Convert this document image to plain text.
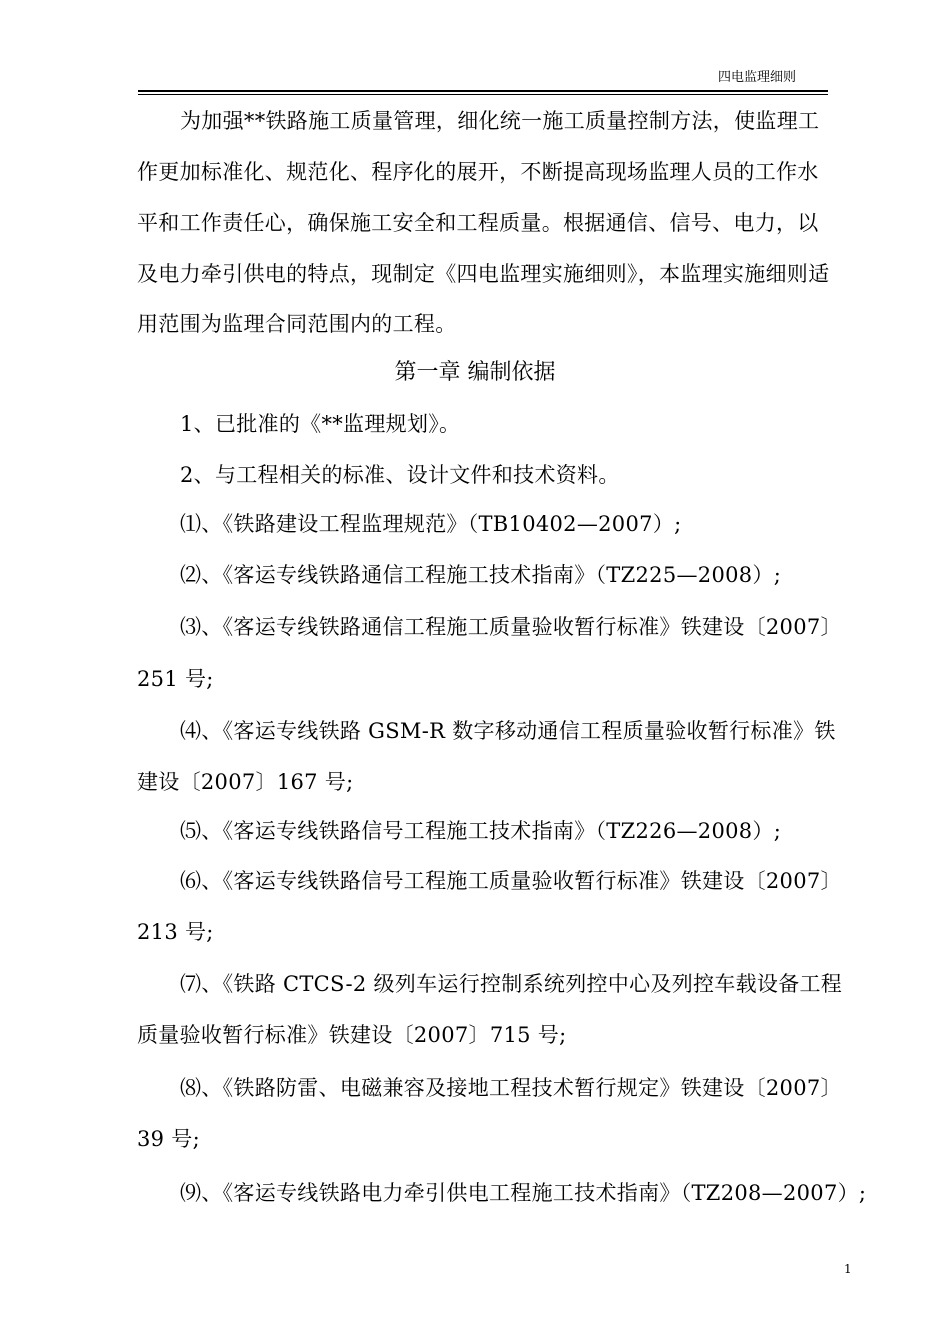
四电监理细则
为加强**铁路施工质量管理，细化统一施工质量控制方法，使监理工
作更加标准化、规范化、程序化的展开，不断提高现场监理人员的工作水
平和工作责任心，确保施工安全和工程质量。根据通信、信号、电力，以
及电力牵引供电的特点，现制定《四电监理实施细则》，本监理实施细则适
用范围为监理合同范围内的工程。
第一章 编制依据
1、已批准的《**监理规划》。
2、与工程相关的标准、设计文件和技术资料。
⑴、《铁路建设工程监理规范》（TB10402—2007）;
⑵、《客运专线铁路通信工程施工技术指南》（TZ225—2008）;
⑶、《客运专线铁路通信工程施工质量验收暂行标准》铁建设〔2007〕
251 号;
⑷、《客运专线铁路 GSM-R 数字移动通信工程质量验收暂行标准》铁
建设〔2007〕167 号;
⑸、《客运专线铁路信号工程施工技术指南》（TZ226—2008）;
⑹、《客运专线铁路信号工程施工质量验收暂行标准》铁建设〔2007〕
213 号;
⑺、《铁路 CTCS-2 级列车运行控制系统列控中心及列控车载设备工程
质量验收暂行标准》铁建设〔2007〕715 号;
⑻、《铁路防雷、电磁兼容及接地工程技术暂行规定》铁建设〔2007〕
39 号;
⑼、《客运专线铁路电力牵引供电工程施工技术指南》（TZ208—2007）;
1
